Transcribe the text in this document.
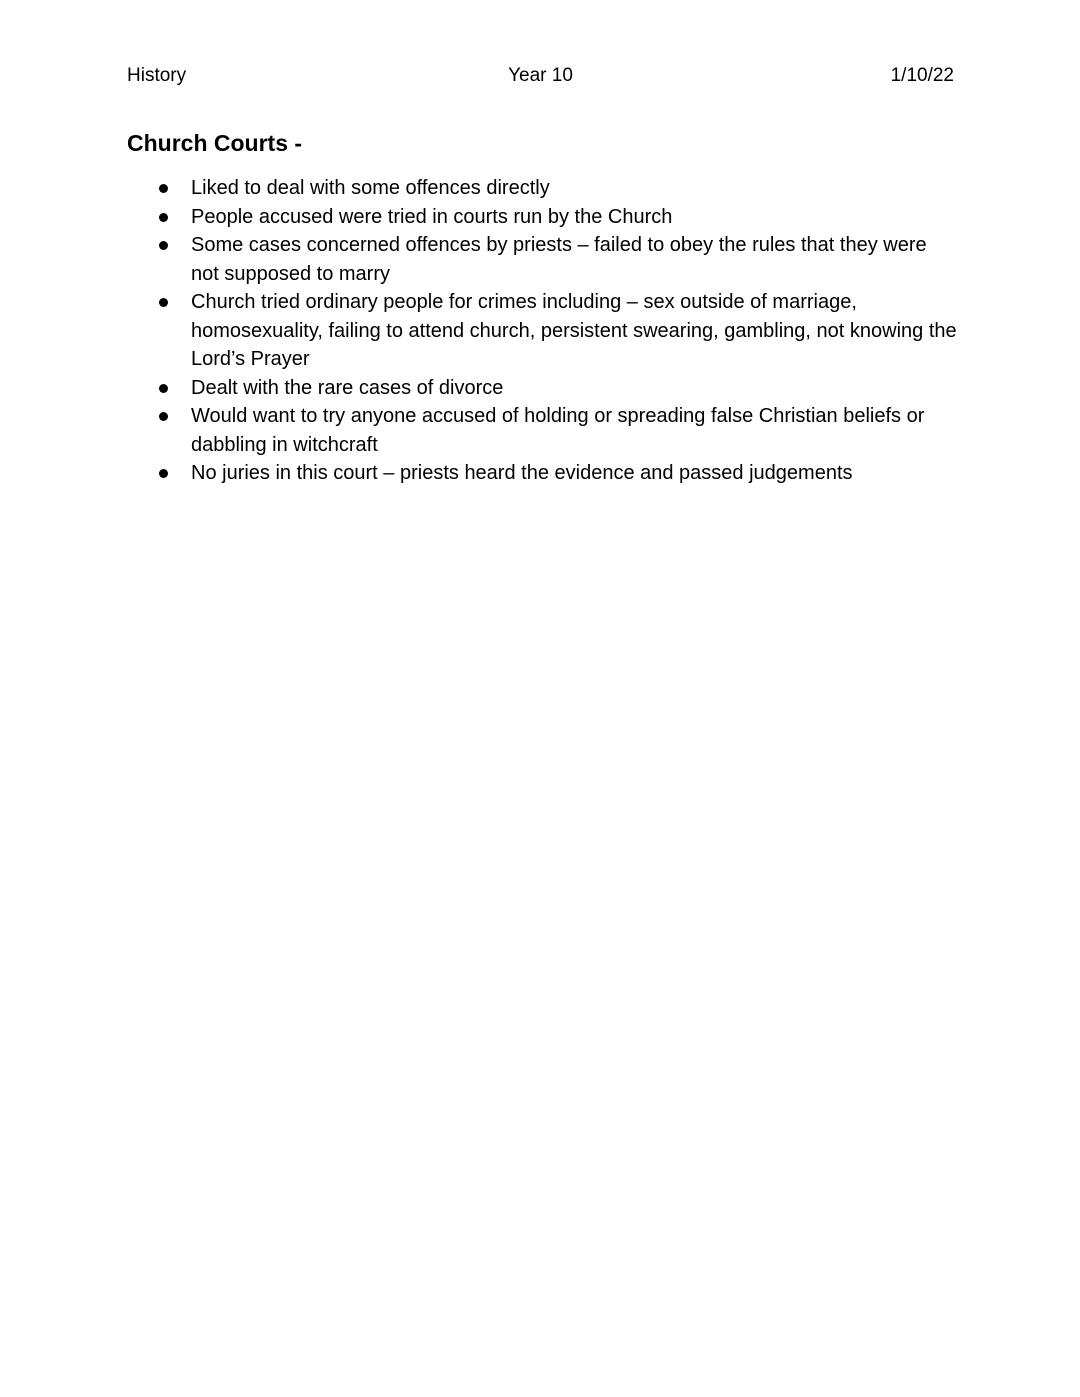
History	Year 10	1/10/22
Church Courts -
Liked to deal with some offences directly
People accused were tried in courts run by the Church
Some cases concerned offences by priests – failed to obey the rules that they were not supposed to marry
Church tried ordinary people for crimes including – sex outside of marriage, homosexuality, failing to attend church, persistent swearing, gambling, not knowing the Lord’s Prayer
Dealt with the rare cases of divorce
Would want to try anyone accused of holding or spreading false Christian beliefs or dabbling in witchcraft
No juries in this court – priests heard the evidence and passed judgements
